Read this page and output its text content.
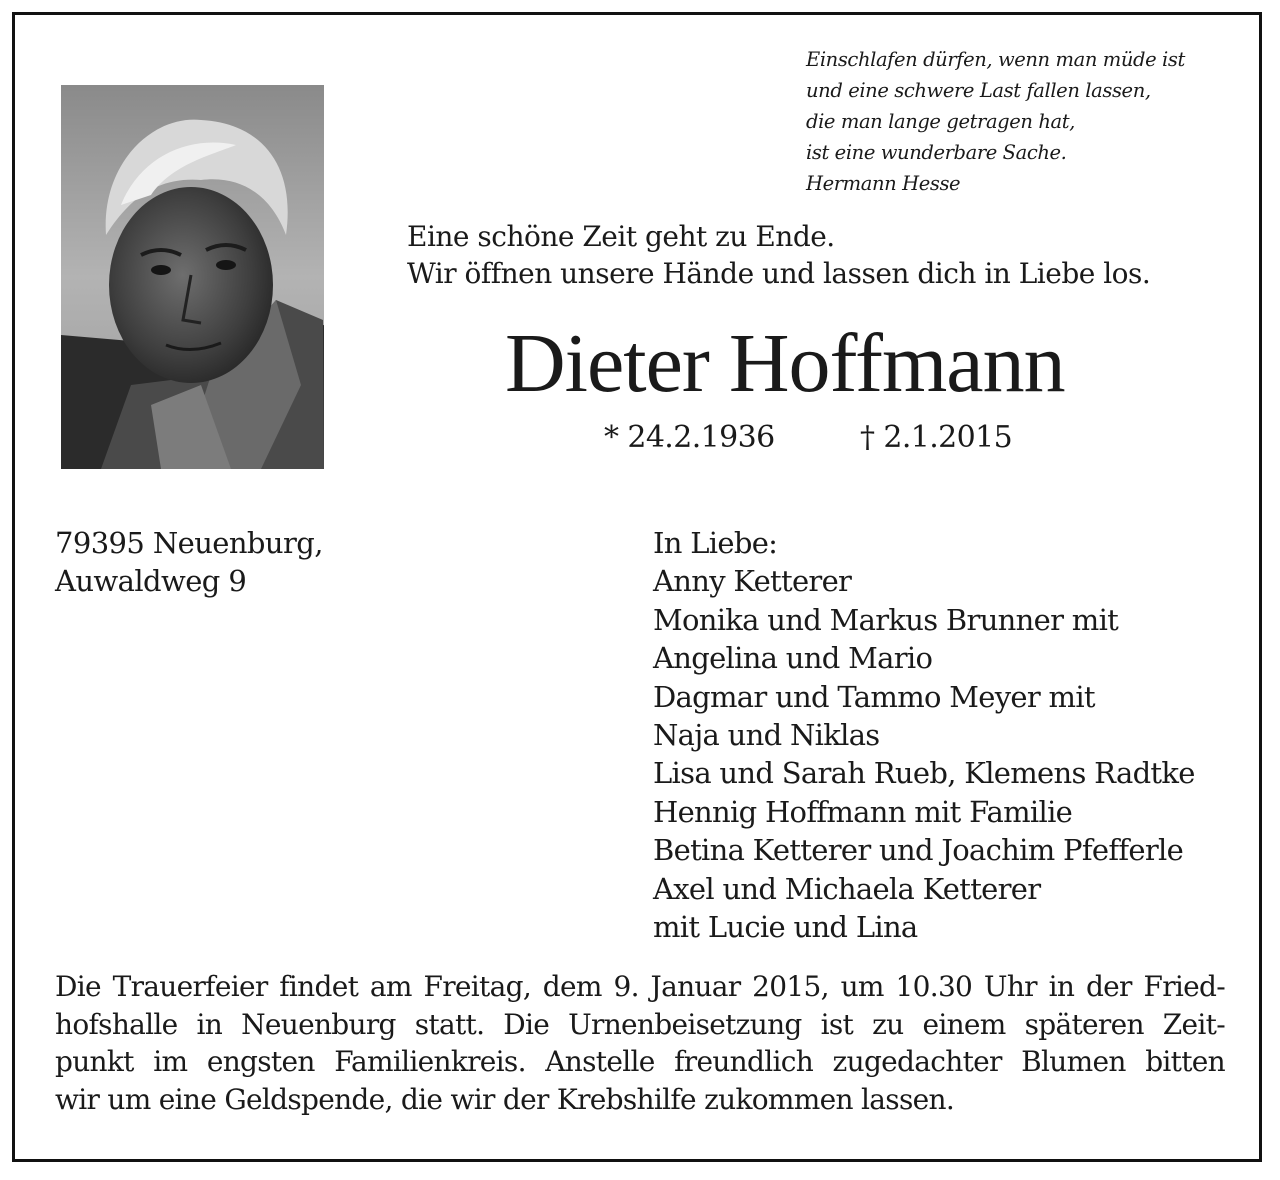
Einschlafen dürfen, wenn man müde ist
und eine schwere Last fallen lassen,
die man lange getragen hat,
ist eine wunderbare Sache.
Hermann Hesse
Eine schöne Zeit geht zu Ende.
Wir öffnen unsere Hände und lassen dich in Liebe los.
Dieter Hoffmann
* 24.2.1936	† 2.1.2015
79395 Neuenburg,
Auwaldweg 9
In Liebe:
Anny Ketterer
Monika und Markus Brunner mit
Angelina und Mario
Dagmar und Tammo Meyer mit
Naja und Niklas
Lisa und Sarah Rueb, Klemens Radtke
Hennig Hoffmann mit Familie
Betina Ketterer und Joachim Pfefferle
Axel und Michaela Ketterer
mit Lucie und Lina
Die Trauerfeier findet am Freitag, dem 9. Januar 2015, um 10.30 Uhr in der Fried-
hofshalle in Neuenburg statt. Die Urnenbeisetzung ist zu einem späteren Zeit-
punkt im engsten Familienkreis. Anstelle freundlich zugedachter Blumen bitten
wir um eine Geldspende, die wir der Krebshilfe zukommen lassen.
